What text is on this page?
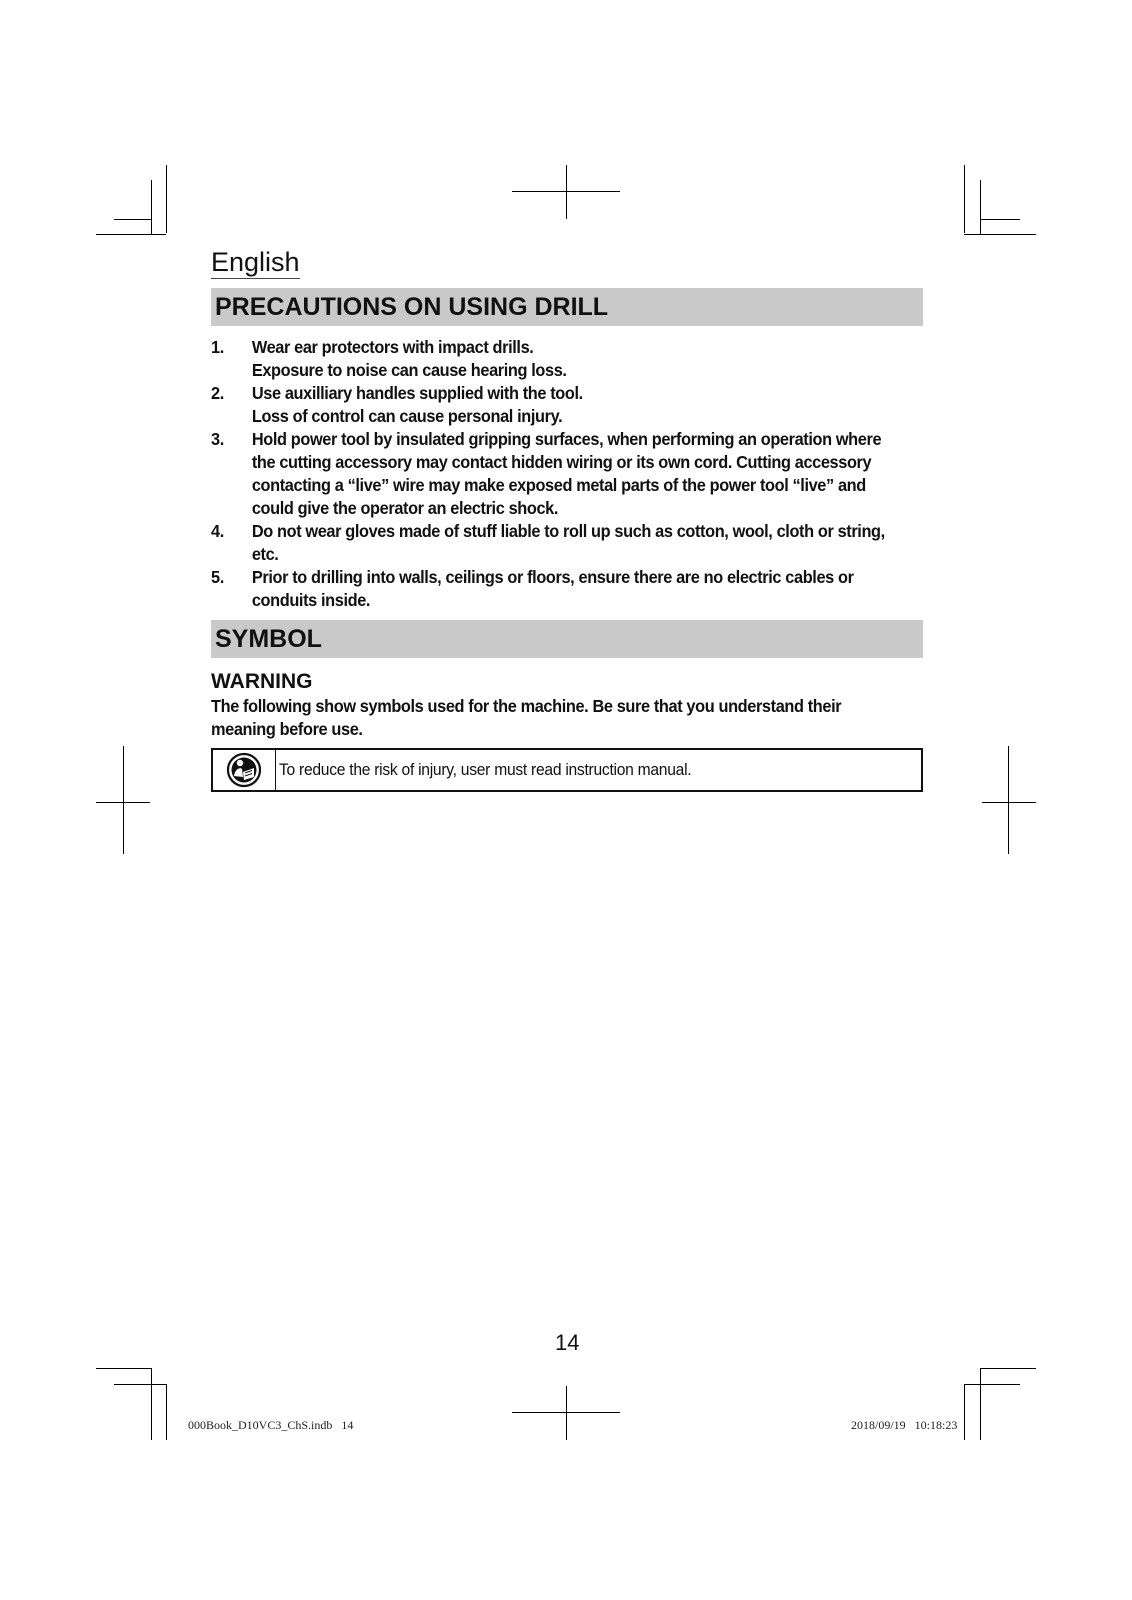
English
PRECAUTIONS ON USING DRILL
1. Wear ear protectors with impact drills.
Exposure to noise can cause hearing loss.
2. Use auxilliary handles supplied with the tool.
Loss of control can cause personal injury.
3. Hold power tool by insulated gripping surfaces, when performing an operation where the cutting accessory may contact hidden wiring or its own cord. Cutting accessory contacting a “live” wire may make exposed metal parts of the power tool “live” and could give the operator an electric shock.
4. Do not wear gloves made of stuff liable to roll up such as cotton, wool, cloth or string, etc.
5. Prior to drilling into walls, ceilings or floors, ensure there are no electric cables or conduits inside.
SYMBOL
WARNING
The following show symbols used for the machine. Be sure that you understand their meaning before use.
To reduce the risk of injury, user must read instruction manual.
14
000Book_D10VC3_ChS.indb   14	2018/09/19   10:18:23
